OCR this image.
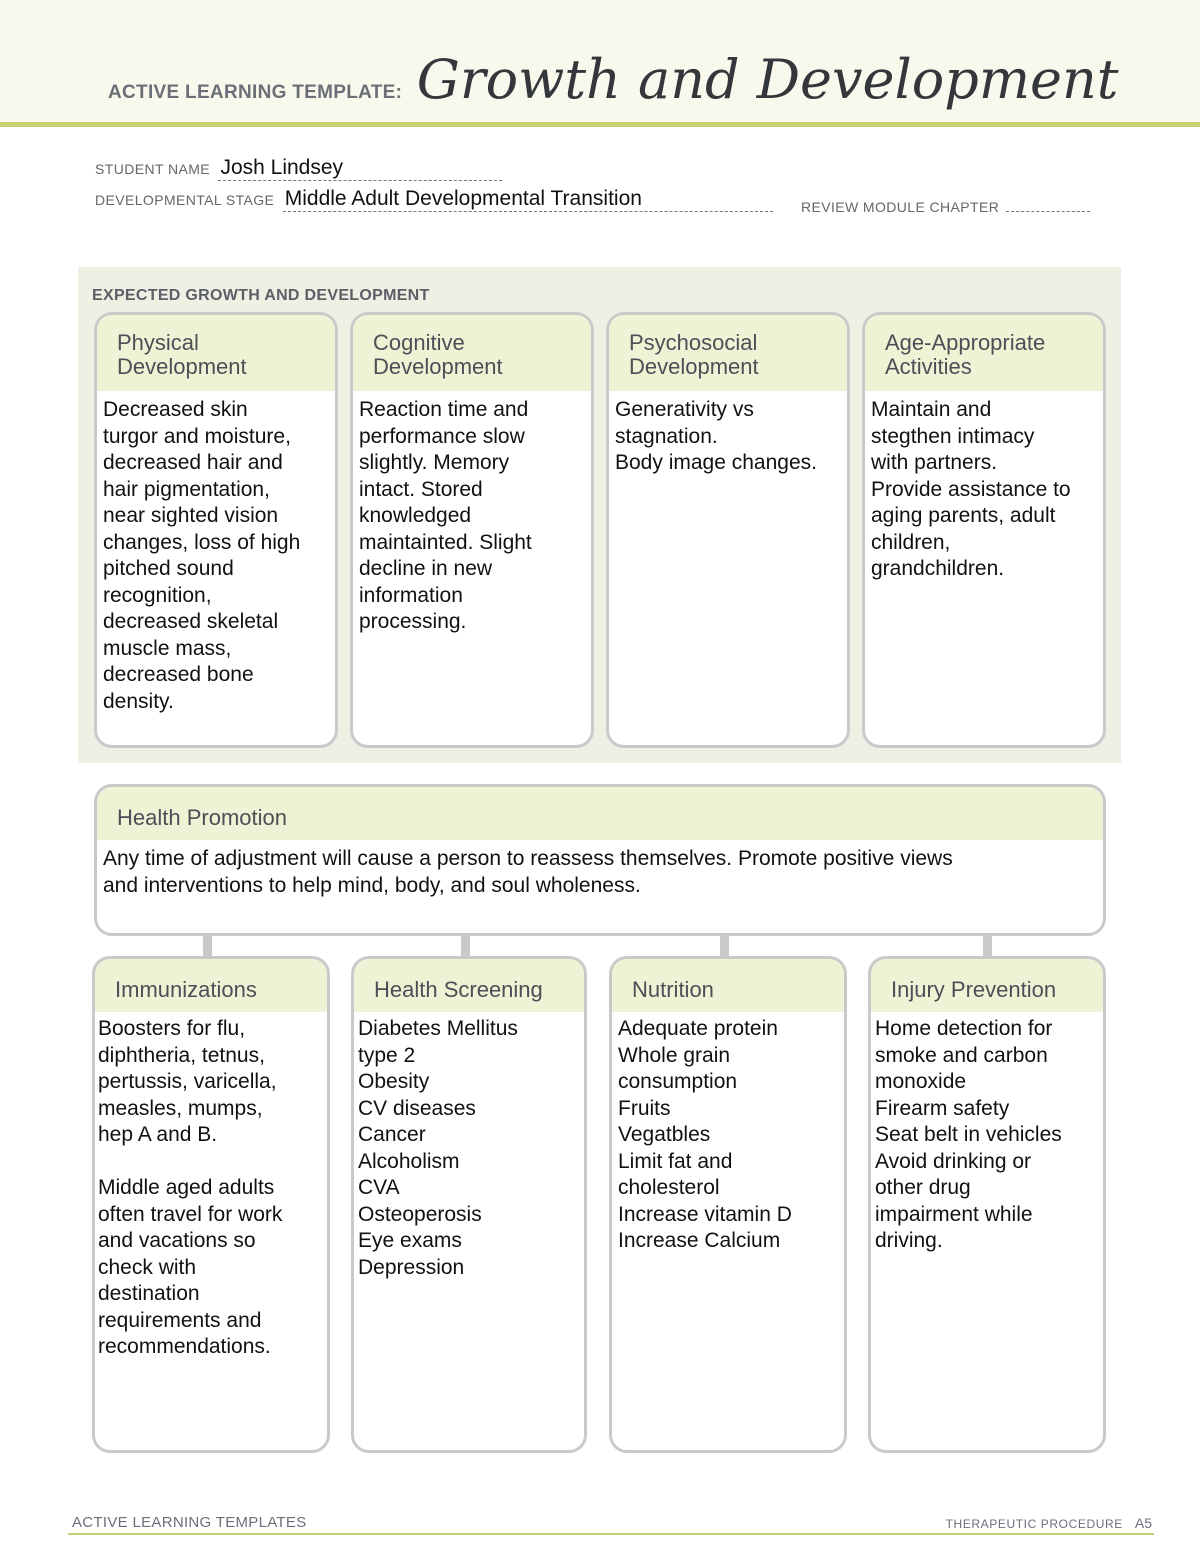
ACTIVE LEARNING TEMPLATE: Growth and Development
STUDENT NAME Josh Lindsey
DEVELOPMENTAL STAGE Middle Adult Developmental Transition	REVIEW MODULE CHAPTER
EXPECTED GROWTH AND DEVELOPMENT
Physical
Development
Decreased skin
turgor and moisture,
decreased hair and
hair pigmentation,
near sighted vision
changes, loss of high
pitched sound
recognition,
decreased skeletal
muscle mass,
decreased bone
density.
Cognitive
Development
Reaction time and
performance slow
slightly. Memory
intact. Stored
knowledged
maintainted. Slight
decline in new
information
processing.
Psychosocial
Development
Generativity vs
stagnation.
Body image changes.
Age-Appropriate
Activities
Maintain and
stegthen intimacy
with partners.
Provide assistance to
aging parents, adult
children,
grandchildren.
Health Promotion
Any time of adjustment will cause a person to reassess themselves. Promote positive views
and interventions to help mind, body, and soul wholeness.
Immunizations
Boosters for flu,
diphtheria, tetnus,
pertussis, varicella,
measles, mumps,
hep A and B.

Middle aged adults
often travel for work
and vacations so
check with
destination
requirements and
recommendations.
Health Screening
Diabetes Mellitus
type 2
Obesity
CV diseases
Cancer
Alcoholism
CVA
Osteoperosis
Eye exams
Depression
Nutrition
Adequate protein
Whole grain
consumption
Fruits
Vegatbles
Limit fat and
cholesterol
Increase vitamin D
Increase Calcium
Injury Prevention
Home detection for
smoke and carbon
monoxide
Firearm safety
Seat belt in vehicles
Avoid drinking or
other drug
impairment while
driving.
ACTIVE LEARNING TEMPLATES	THERAPEUTIC PROCEDURE A5
